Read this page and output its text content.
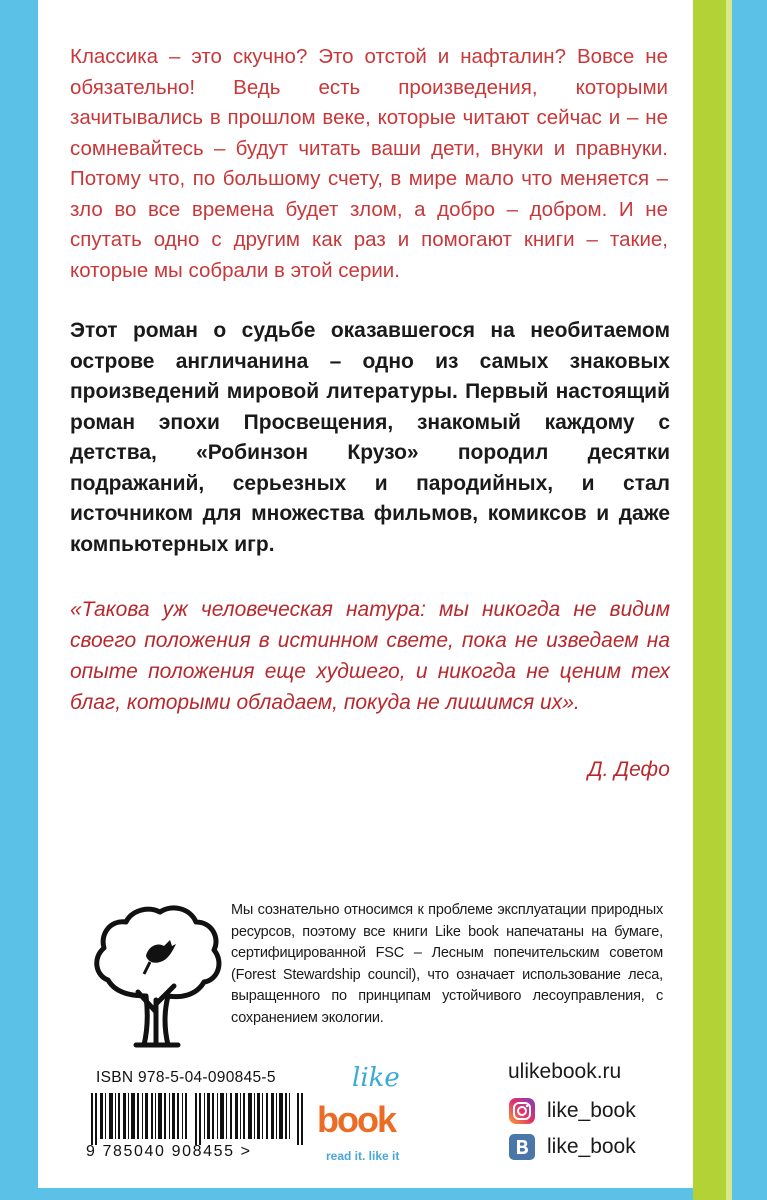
Классика – это скучно? Это отстой и нафталин? Вовсе не обязательно! Ведь есть произведения, которыми зачитывались в прошлом веке, которые читают сейчас и – не сомневайтесь – будут читать ваши дети, внуки и правнуки. Потому что, по большому счету, в мире мало что меняется – зло во все времена будет злом, а добро – добром. И не спутать одно с другим как раз и помогают книги – такие, которые мы собрали в этой серии.

Этот роман о судьбе оказавшегося на необитаемом острове англичанина – одно из самых знаковых произведений мировой литературы. Первый настоящий роман эпохи Просвещения, знакомый каждому с детства, «Робинзон Крузо» породил десятки подражаний, серьезных и пародийных, и стал источником для множества фильмов, комиксов и даже компьютерных игр.

«Такова уж человеческая натура: мы никогда не видим своего положения в истинном свете, пока не изведаем на опыте положения еще худшего, и никогда не ценим тех благ, которыми обладаем, покуда не лишимся их».

Д. Дефо

Мы сознательно относимся к проблеме эксплуатации природных ресурсов, поэтому все книги Like book напечатаны на бумаге, сертифицированной FSC – Лесным попечительским советом (Forest Stewardship council), что означает использование леса, выращенного по принципам устойчивого лесоуправления, с сохранением экологии.

ISBN 978-5-04-090845-5
9 785040 908455 >
like
book
read it. like it
ulikebook.ru
like_book
like_book
